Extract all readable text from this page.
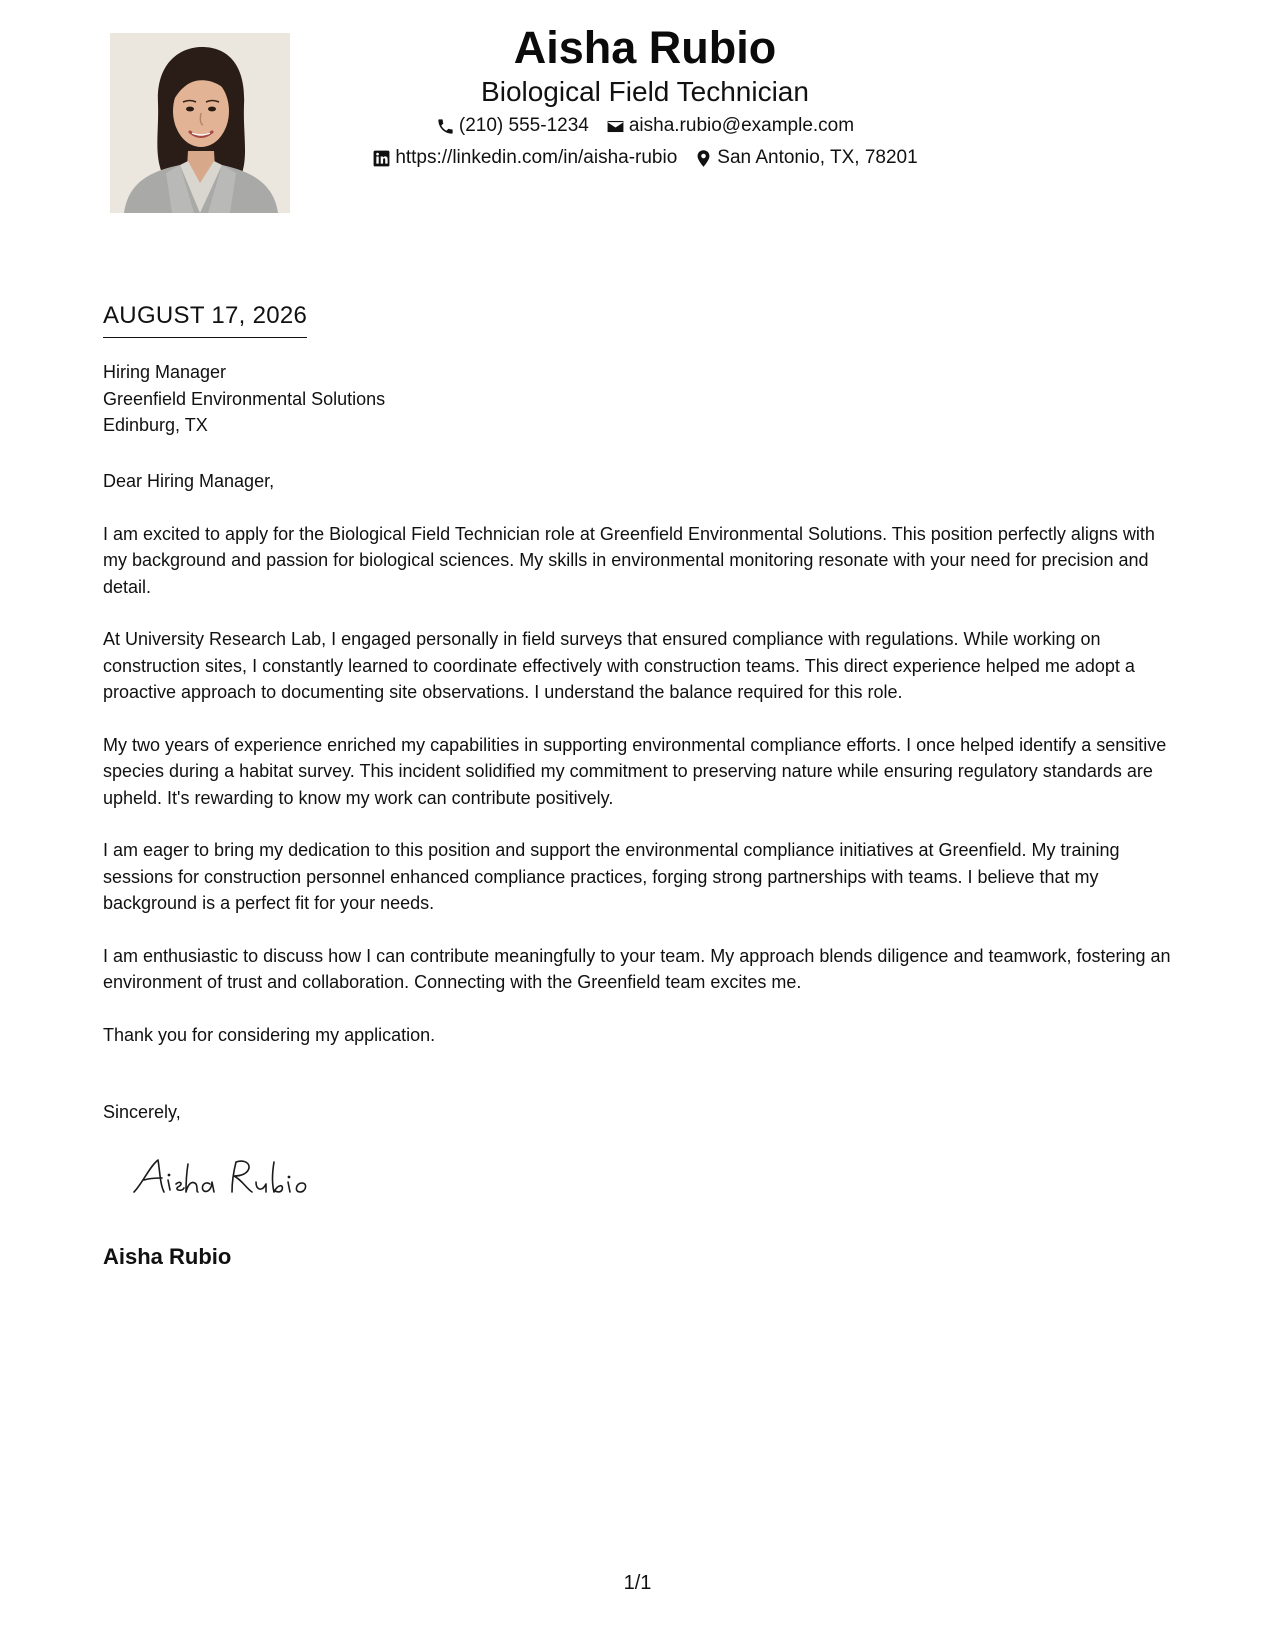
Aisha Rubio
Biological Field Technician
(210) 555-1234 aisha.rubio@example.com
https://linkedin.com/in/aisha-rubio San Antonio, TX, 78201
AUGUST 17, 2026
Hiring Manager
Greenfield Environmental Solutions
Edinburg, TX

Dear Hiring Manager,

I am excited to apply for the Biological Field Technician role at Greenfield Environmental Solutions. This position perfectly aligns with my background and passion for biological sciences. My skills in environmental monitoring resonate with your need for precision and detail.

At University Research Lab, I engaged personally in field surveys that ensured compliance with regulations. While working on construction sites, I constantly learned to coordinate effectively with construction teams. This direct experience helped me adopt a proactive approach to documenting site observations. I understand the balance required for this role.

My two years of experience enriched my capabilities in supporting environmental compliance efforts. I once helped identify a sensitive species during a habitat survey. This incident solidified my commitment to preserving nature while ensuring regulatory standards are upheld. It's rewarding to know my work can contribute positively.

I am eager to bring my dedication to this position and support the environmental compliance initiatives at Greenfield. My training sessions for construction personnel enhanced compliance practices, forging strong partnerships with teams. I believe that my background is a perfect fit for your needs.

I am enthusiastic to discuss how I can contribute meaningfully to your team. My approach blends diligence and teamwork, fostering an environment of trust and collaboration. Connecting with the Greenfield team excites me.

Thank you for considering my application.

Sincerely,
Aisha Rubio
1/1
